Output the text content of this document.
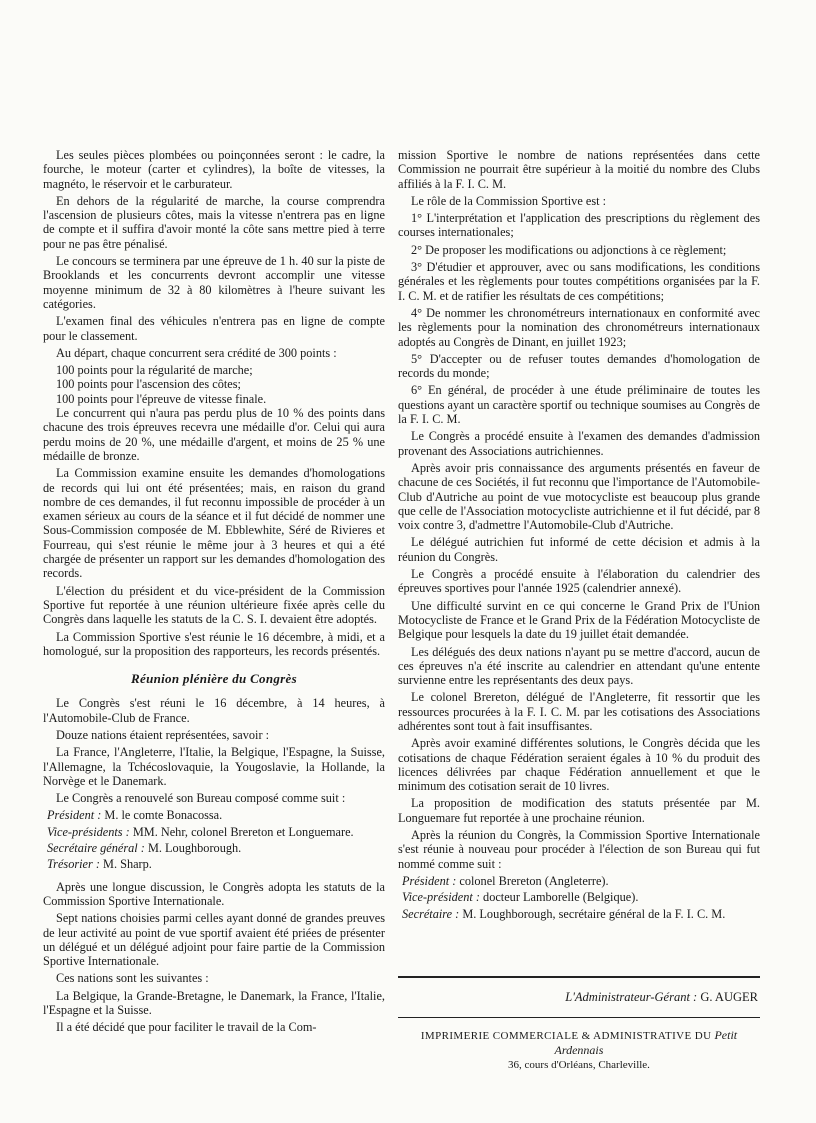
Les seules pièces plombées ou poinçonnées seront : le cadre, la fourche, le moteur (carter et cylindres), la boîte de vitesses, la magnéto, le réservoir et le carburateur.

En dehors de la régularité de marche, la course comprendra l'ascension de plusieurs côtes, mais la vitesse n'entrera pas en ligne de compte et il suffira d'avoir monté la côte sans mettre pied à terre pour ne pas être pénalisé.

Le concours se terminera par une épreuve de 1 h. 40 sur la piste de Brooklands et les concurrents devront accomplir une vitesse moyenne minimum de 32 à 80 kilomètres à l'heure suivant les catégories.

L'examen final des véhicules n'entrera pas en ligne de compte pour le classement.

Au départ, chaque concurrent sera crédité de 300 points :

100 points pour la régularité de marche;

100 points pour l'ascension des côtes;

100 points pour l'épreuve de vitesse finale.

Le concurrent qui n'aura pas perdu plus de 10 % des points dans chacune des trois épreuves recevra une médaille d'or. Celui qui aura perdu moins de 20 %, une médaille d'argent, et moins de 25 % une médaille de bronze.

La Commission examine ensuite les demandes d'homologations de records qui lui ont été présentées; mais, en raison du grand nombre de ces demandes, il fut reconnu impossible de procéder à un examen sérieux au cours de la séance et il fut décidé de nommer une Sous-Commission composée de M. Ebblewhite, Séré de Rivieres et Fourreau, qui s'est réunie le même jour à 3 heures et qui a été chargée de présenter un rapport sur les demandes d'homologation des records.

L'élection du président et du vice-président de la Commission Sportive fut reportée à une réunion ultérieure fixée après celle du Congrès dans laquelle les statuts de la C. S. I. devaient être adoptés.

La Commission Sportive s'est réunie le 16 décembre, à midi, et a homologué, sur la proposition des rapporteurs, les records présentés.

Réunion plénière du Congrès

Le Congrès s'est réuni le 16 décembre, à 14 heures, à l'Automobile-Club de France.

Douze nations étaient représentées, savoir :

La France, l'Angleterre, l'Italie, la Belgique, l'Espagne, la Suisse, l'Allemagne, la Tchécoslovaquie, la Yougoslavie, la Hollande, la Norvège et le Danemark.

Le Congrès a renouvelé son Bureau composé comme suit :

Président : M. le comte Bonacossa.

Vice-présidents : MM. Nehr, colonel Brereton et Longuemare.

Secrétaire général : M. Loughborough.

Trésorier : M. Sharp.

Après une longue discussion, le Congrès adopta les statuts de la Commission Sportive Internationale.

Sept nations choisies parmi celles ayant donné de grandes preuves de leur activité au point de vue sportif avaient été priées de présenter un délégué et un délégué adjoint pour faire partie de la Commission Sportive Internationale.

Ces nations sont les suivantes :

La Belgique, la Grande-Bretagne, le Danemark, la France, l'Italie, l'Espagne et la Suisse.

Il a été décidé que pour faciliter le travail de la Com-

mission Sportive le nombre de nations représentées dans cette Commission ne pourrait être supérieur à la moitié du nombre des Clubs affiliés à la F. I. C. M.

Le rôle de la Commission Sportive est :

1° L'interprétation et l'application des prescriptions du règlement des courses internationales;

2° De proposer les modifications ou adjonctions à ce règlement;

3° D'étudier et approuver, avec ou sans modifications, les conditions générales et les règlements pour toutes compétitions organisées par la F. I. C. M. et de ratifier les résultats de ces compétitions;

4° De nommer les chronométreurs internationaux en conformité avec les règlements pour la nomination des chronométreurs internationaux adoptés au Congrès de Dinant, en juillet 1923;

5° D'accepter ou de refuser toutes demandes d'homologation de records du monde;

6° En général, de procéder à une étude préliminaire de toutes les questions ayant un caractère sportif ou technique soumises au Congrès de la F. I. C. M.

Le Congrès a procédé ensuite à l'examen des demandes d'admission provenant des Associations autrichiennes.

Après avoir pris connaissance des arguments présentés en faveur de chacune de ces Sociétés, il fut reconnu que l'importance de l'Automobile-Club d'Autriche au point de vue motocycliste est beaucoup plus grande que celle de l'Association motocycliste autrichienne et il fut décidé, par 8 voix contre 3, d'admettre l'Automobile-Club d'Autriche.

Le délégué autrichien fut informé de cette décision et admis à la réunion du Congrès.

Le Congrès a procédé ensuite à l'élaboration du calendrier des épreuves sportives pour l'année 1925 (calendrier annexé).

Une difficulté survint en ce qui concerne le Grand Prix de l'Union Motocycliste de France et le Grand Prix de la Fédération Motocycliste de Belgique pour lesquels la date du 19 juillet était demandée.

Les délégués des deux nations n'ayant pu se mettre d'accord, aucun de ces épreuves n'a été inscrite au calendrier en attendant qu'une entente survienne entre les représentants des deux pays.

Le colonel Brereton, délégué de l'Angleterre, fit ressortir que les ressources procurées à la F. I. C. M. par les cotisations des Associations adhérentes sont tout à fait insuffisantes.

Après avoir examiné différentes solutions, le Congrès décida que les cotisations de chaque Fédération seraient égales à 10 % du produit des licences délivrées par chaque Fédération annuellement et que le minimum des cotisation serait de 10 livres.

La proposition de modification des statuts présentée par M. Longuemare fut reportée à une prochaine réunion.

Après la réunion du Congrès, la Commission Sportive Internationale s'est réunie à nouveau pour procéder à l'élection de son Bureau qui fut nommé comme suit :

Président : colonel Brereton (Angleterre).

Vice-président : docteur Lamborelle (Belgique).

Secrétaire : M. Loughborough, secrétaire général de la F. I. C. M.

L'Administrateur-Gérant : G. AUGER
IMPRIMERIE COMMERCIALE & ADMINISTRATIVE DU Petit Ardennais
36, cours d'Orléans, Charleville.
